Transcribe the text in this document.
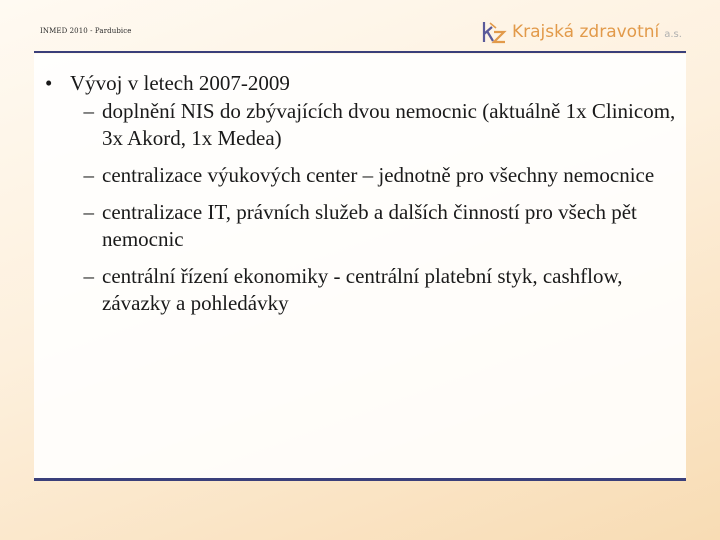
INMED 2010 - Pardubice	Krajská zdravotní a.s.
• Vývoj v letech 2007-2009
– doplnění NIS do zbývajících dvou nemocnic (aktuálně 1x Clinicom, 3x Akord, 1x Medea)
– centralizace výukových center – jednotně pro všechny nemocnice
– centralizace IT, právních služeb a dalších činností pro všech pět nemocnic
– centrální řízení ekonomiky - centrální platební styk, cashflow, závazky a pohledávky
